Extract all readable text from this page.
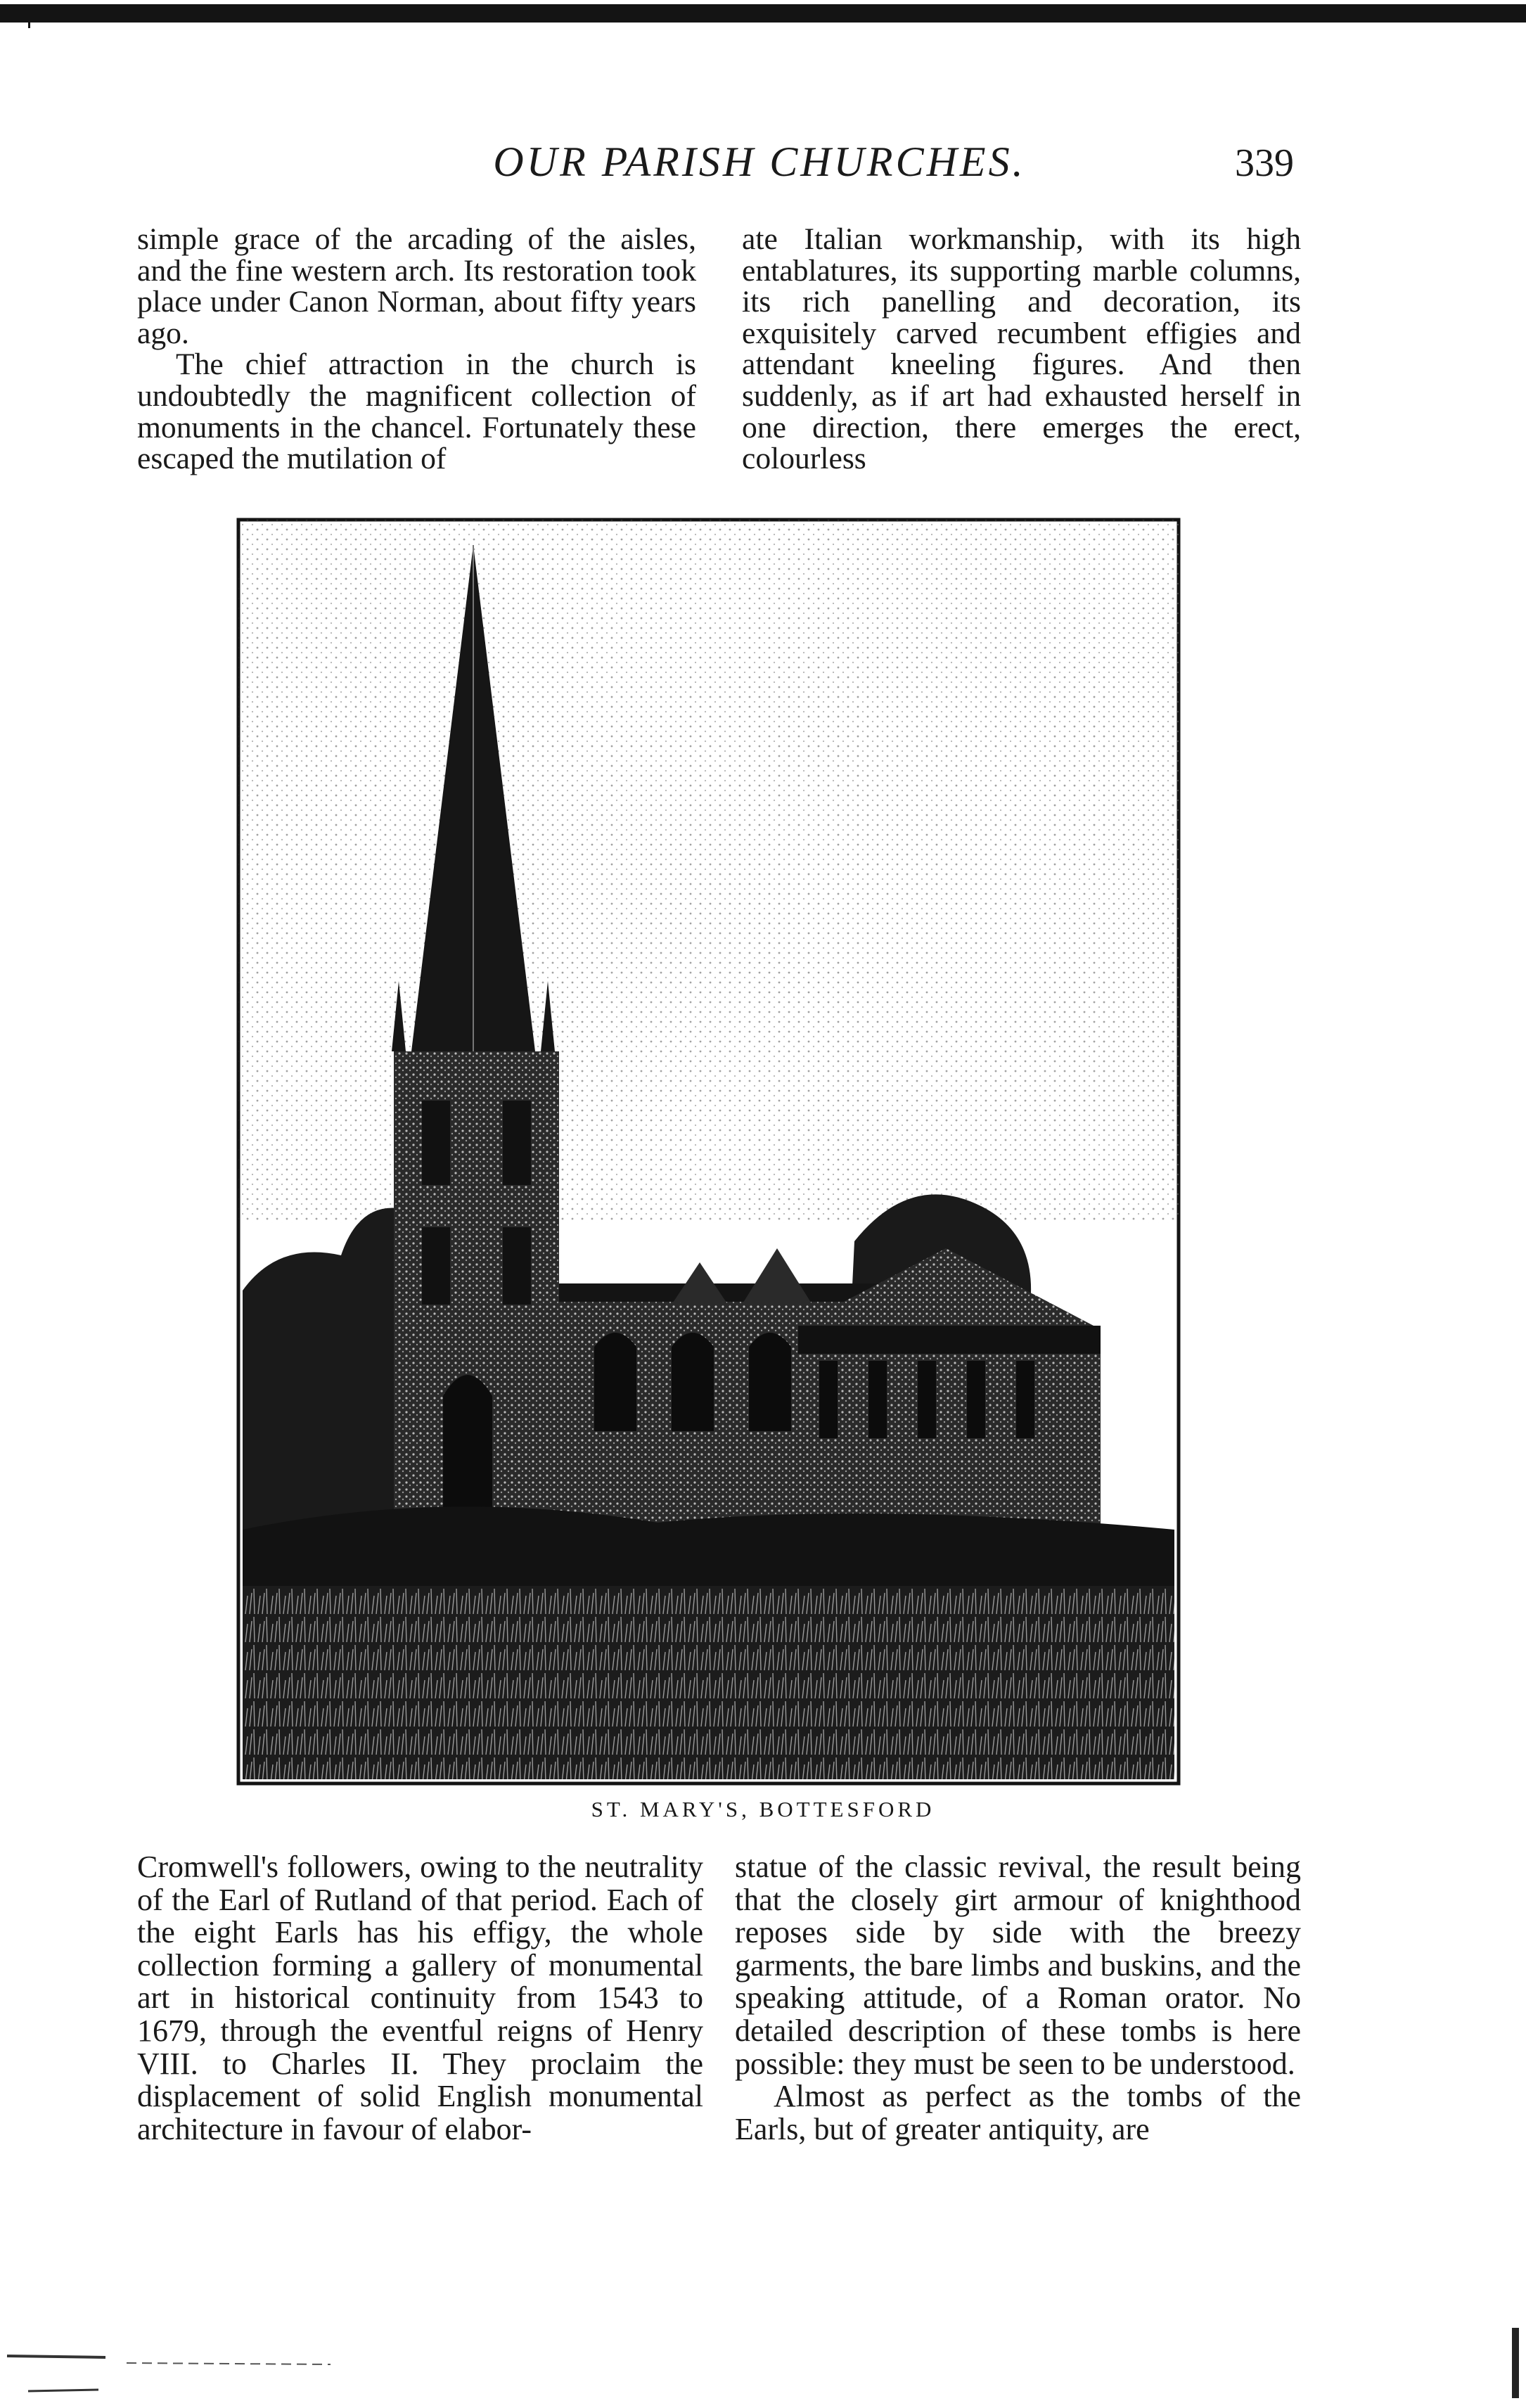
OUR PARISH CHURCHES.	339

simple grace of the arcading of the aisles, and the fine western arch. Its restoration took place under Canon Norman, about fifty years ago.

The chief attraction in the church is undoubtedly the magnificent collection of monuments in the chancel. Fortunately these escaped the mutilation of

ate Italian workmanship, with its high entablatures, its supporting marble columns, its rich panelling and decoration, its exquisitely carved recumbent effigies and attendant kneeling figures. And then suddenly, as if art had exhausted herself in one direction, there emerges the erect, colourless

ST. MARY'S, BOTTESFORD

Cromwell's followers, owing to the neutrality of the Earl of Rutland of that period. Each of the eight Earls has his effigy, the whole collection forming a gallery of monumental art in historical continuity from 1543 to 1679, through the eventful reigns of Henry VIII. to Charles II. They proclaim the displacement of solid English monumental architecture in favour of elabor-

statue of the classic revival, the result being that the closely girt armour of knighthood reposes side by side with the breezy garments, the bare limbs and buskins, and the speaking attitude, of a Roman orator. No detailed description of these tombs is here possible: they must be seen to be understood.

Almost as perfect as the tombs of the Earls, but of greater antiquity, are
